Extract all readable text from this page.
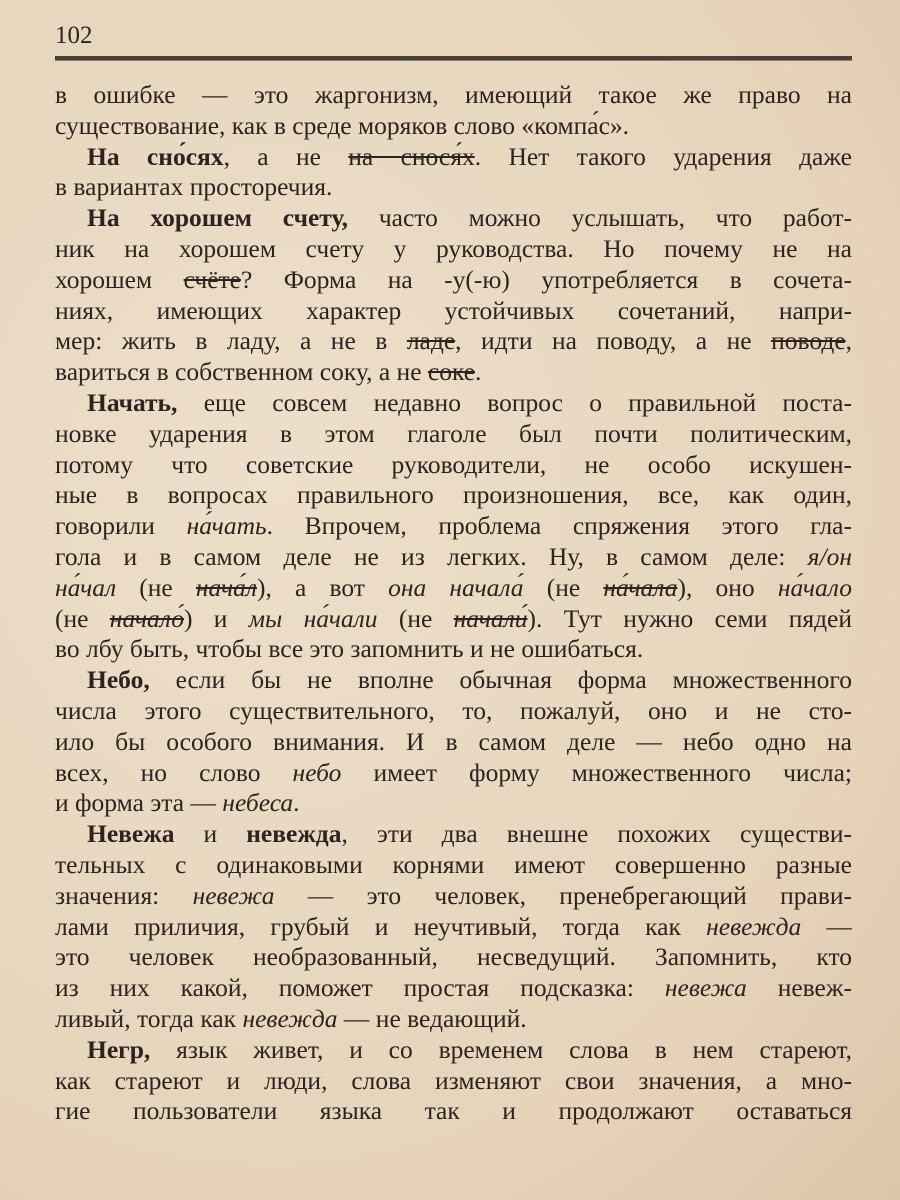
102
в ошибке — это жаргонизм, имеющий такое же право на
существование, как в среде моряков слово «компа́с».
На сно́сях, а не на снося́х. Нет такого ударения даже
в вариантах просторечия.
На хорошем счету, часто можно услышать, что работ-
ник на хорошем счету у руководства. Но почему не на
хорошем счёте? Форма на -у(-ю) употребляется в сочета-
ниях, имеющих характер устойчивых сочетаний, напри-
мер: жить в ладу, а не в ладе, идти на поводу, а не поводе,
вариться в собственном соку, а не соке.
Начать, еще совсем недавно вопрос о правильной поста-
новке ударения в этом глаголе был почти политическим,
потому что советские руководители, не особо искушен-
ные в вопросах правильного произношения, все, как один,
говорили на́чать. Впрочем, проблема спряжения этого гла-
гола и в самом деле не из легких. Ну, в самом деле: я/он
на́чал (не нача́л), а вот она начала́ (не на́чала), оно на́чало
(не начало́) и мы на́чали (не начали́). Тут нужно семи пядей
во лбу быть, чтобы все это запомнить и не ошибаться.
Небо, если бы не вполне обычная форма множественного
числа этого существительного, то, пожалуй, оно и не сто-
ило бы особого внимания. И в самом деле — небо одно на
всех, но слово небо имеет форму множественного числа;
и форма эта — небеса.
Невежа и невежда, эти два внешне похожих существи-
тельных с одинаковыми корнями имеют совершенно разные
значения: невежа — это человек, пренебрегающий прави-
лами приличия, грубый и неучтивый, тогда как невежда —
это человек необразованный, несведущий. Запомнить, кто
из них какой, поможет простая подсказка: невежа невеж-
ливый, тогда как невежда — не ведающий.
Негр, язык живет, и со временем слова в нем стареют,
как стареют и люди, слова изменяют свои значения, а мно-
гие пользователи языка так и продолжают оставаться
